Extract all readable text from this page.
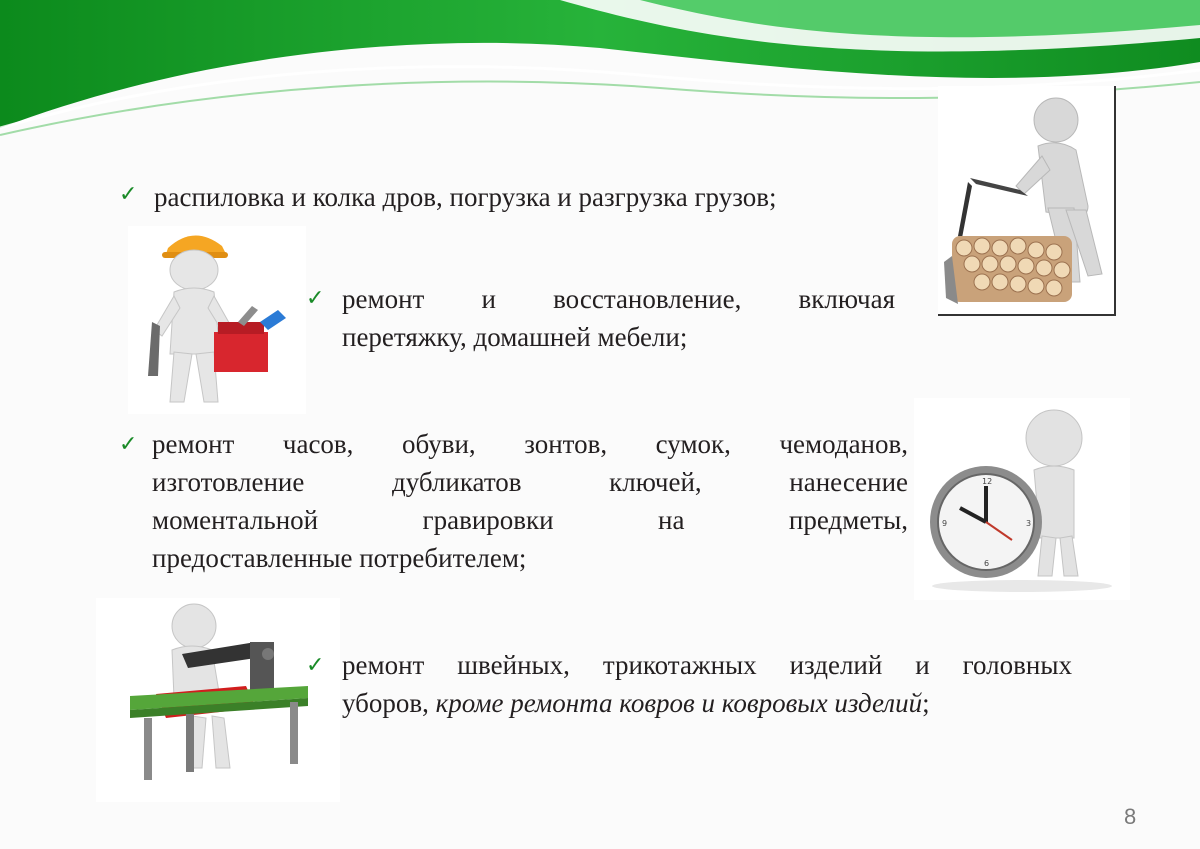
✓ распиловка и колка дров, погрузка и разгрузка грузов;
✓ ремонт и восстановление, включая
перетяжку, домашней мебели;
✓ ремонт часов, обуви, зонтов, сумок, чемоданов,
изготовление дубликатов ключей, нанесение
моментальной гравировки на предметы,
предоставленные потребителем;
12
3
6
9
✓ ремонт швейных, трикотажных изделий и головных
уборов, кроме ремонта ковров и ковровых изделий;
8
